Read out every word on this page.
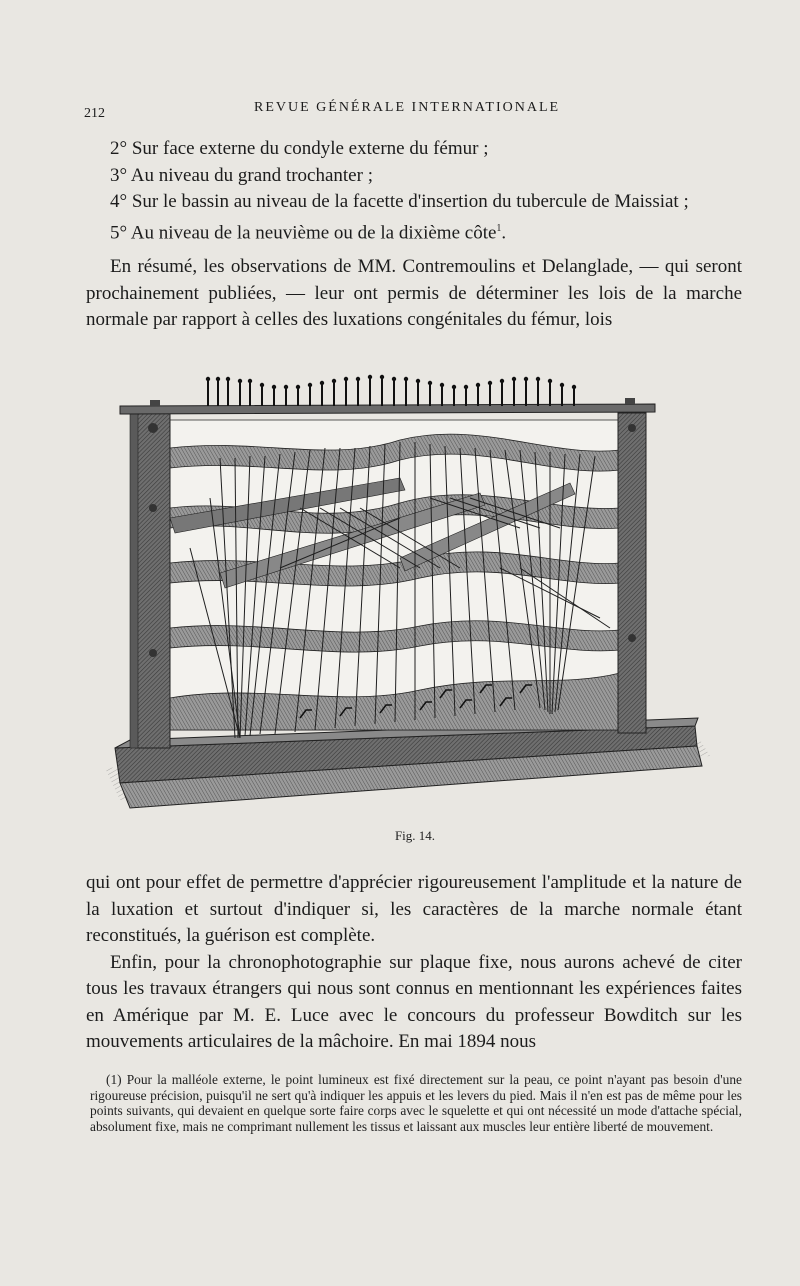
212	REVUE GÉNÉRALE INTERNATIONALE

2° Sur face externe du condyle externe du fémur ;

3° Au niveau du grand trochanter ;

4° Sur le bassin au niveau de la facette d'insertion du tubercule de Maissiat ;

5° Au niveau de la neuvième ou de la dixième côte$^1$.

En résumé, les observations de MM. Contremoulins et Delanglade, — qui seront prochainement publiées, — leur ont permis de déterminer les lois de la marche normale par rapport à celles des luxations congénitales du fémur, lois

Fig. 14.

qui ont pour effet de permettre d'apprécier rigoureusement l'amplitude et la nature de la luxation et surtout d'indiquer si, les caractères de la marche normale étant reconstitués, la guérison est complète.

Enfin, pour la chronophotographie sur plaque fixe, nous aurons achevé de citer tous les travaux étrangers qui nous sont connus en mentionnant les expériences faites en Amérique par M. E. Luce avec le concours du professeur Bowditch sur les mouvements articulaires de la mâchoire. En mai 1894 nous

(1) Pour la malléole externe, le point lumineux est fixé directement sur la peau, ce point n'ayant pas besoin d'une rigoureuse précision, puisqu'il ne sert qu'à indiquer les appuis et les levers du pied. Mais il n'en est pas de même pour les points suivants, qui devaient en quelque sorte faire corps avec le squelette et qui ont nécessité un mode d'attache spécial, absolument fixe, mais ne comprimant nullement les tissus et laissant aux muscles leur entière liberté de mouvement.
